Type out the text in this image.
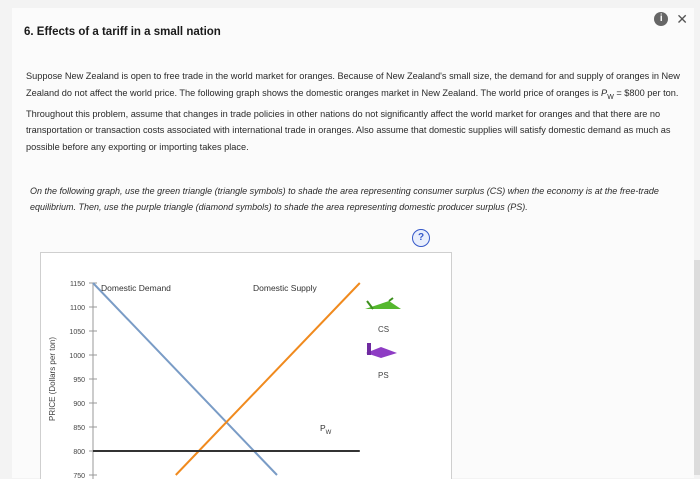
i ✕
6. Effects of a tariff in a small nation
Suppose New Zealand is open to free trade in the world market for oranges. Because of New Zealand's small size, the demand for and supply of oranges in New Zealand do not affect the world price. The following graph shows the domestic oranges market in New Zealand. The world price of oranges is $P_W$ = $800 per ton. Throughout this problem, assume that changes in trade policies in other nations do not significantly affect the world market for oranges and that there are no transportation or transaction costs associated with international trade in oranges. Also assume that domestic supplies will satisfy domestic demand as much as possible before any exporting or importing takes place.
On the following graph, use the green triangle (triangle symbols) to shade the area representing consumer surplus (CS) when the economy is at the free-trade equilibrium. Then, use the purple triangle (diamond symbols) to shade the area representing domestic producer surplus (PS).
?
1150
1100
1050
1000
950
900
850
800
750
PRICE (Dollars per ton)
Domestic Demand	Domestic Supply
$P_W$
CS
PS
